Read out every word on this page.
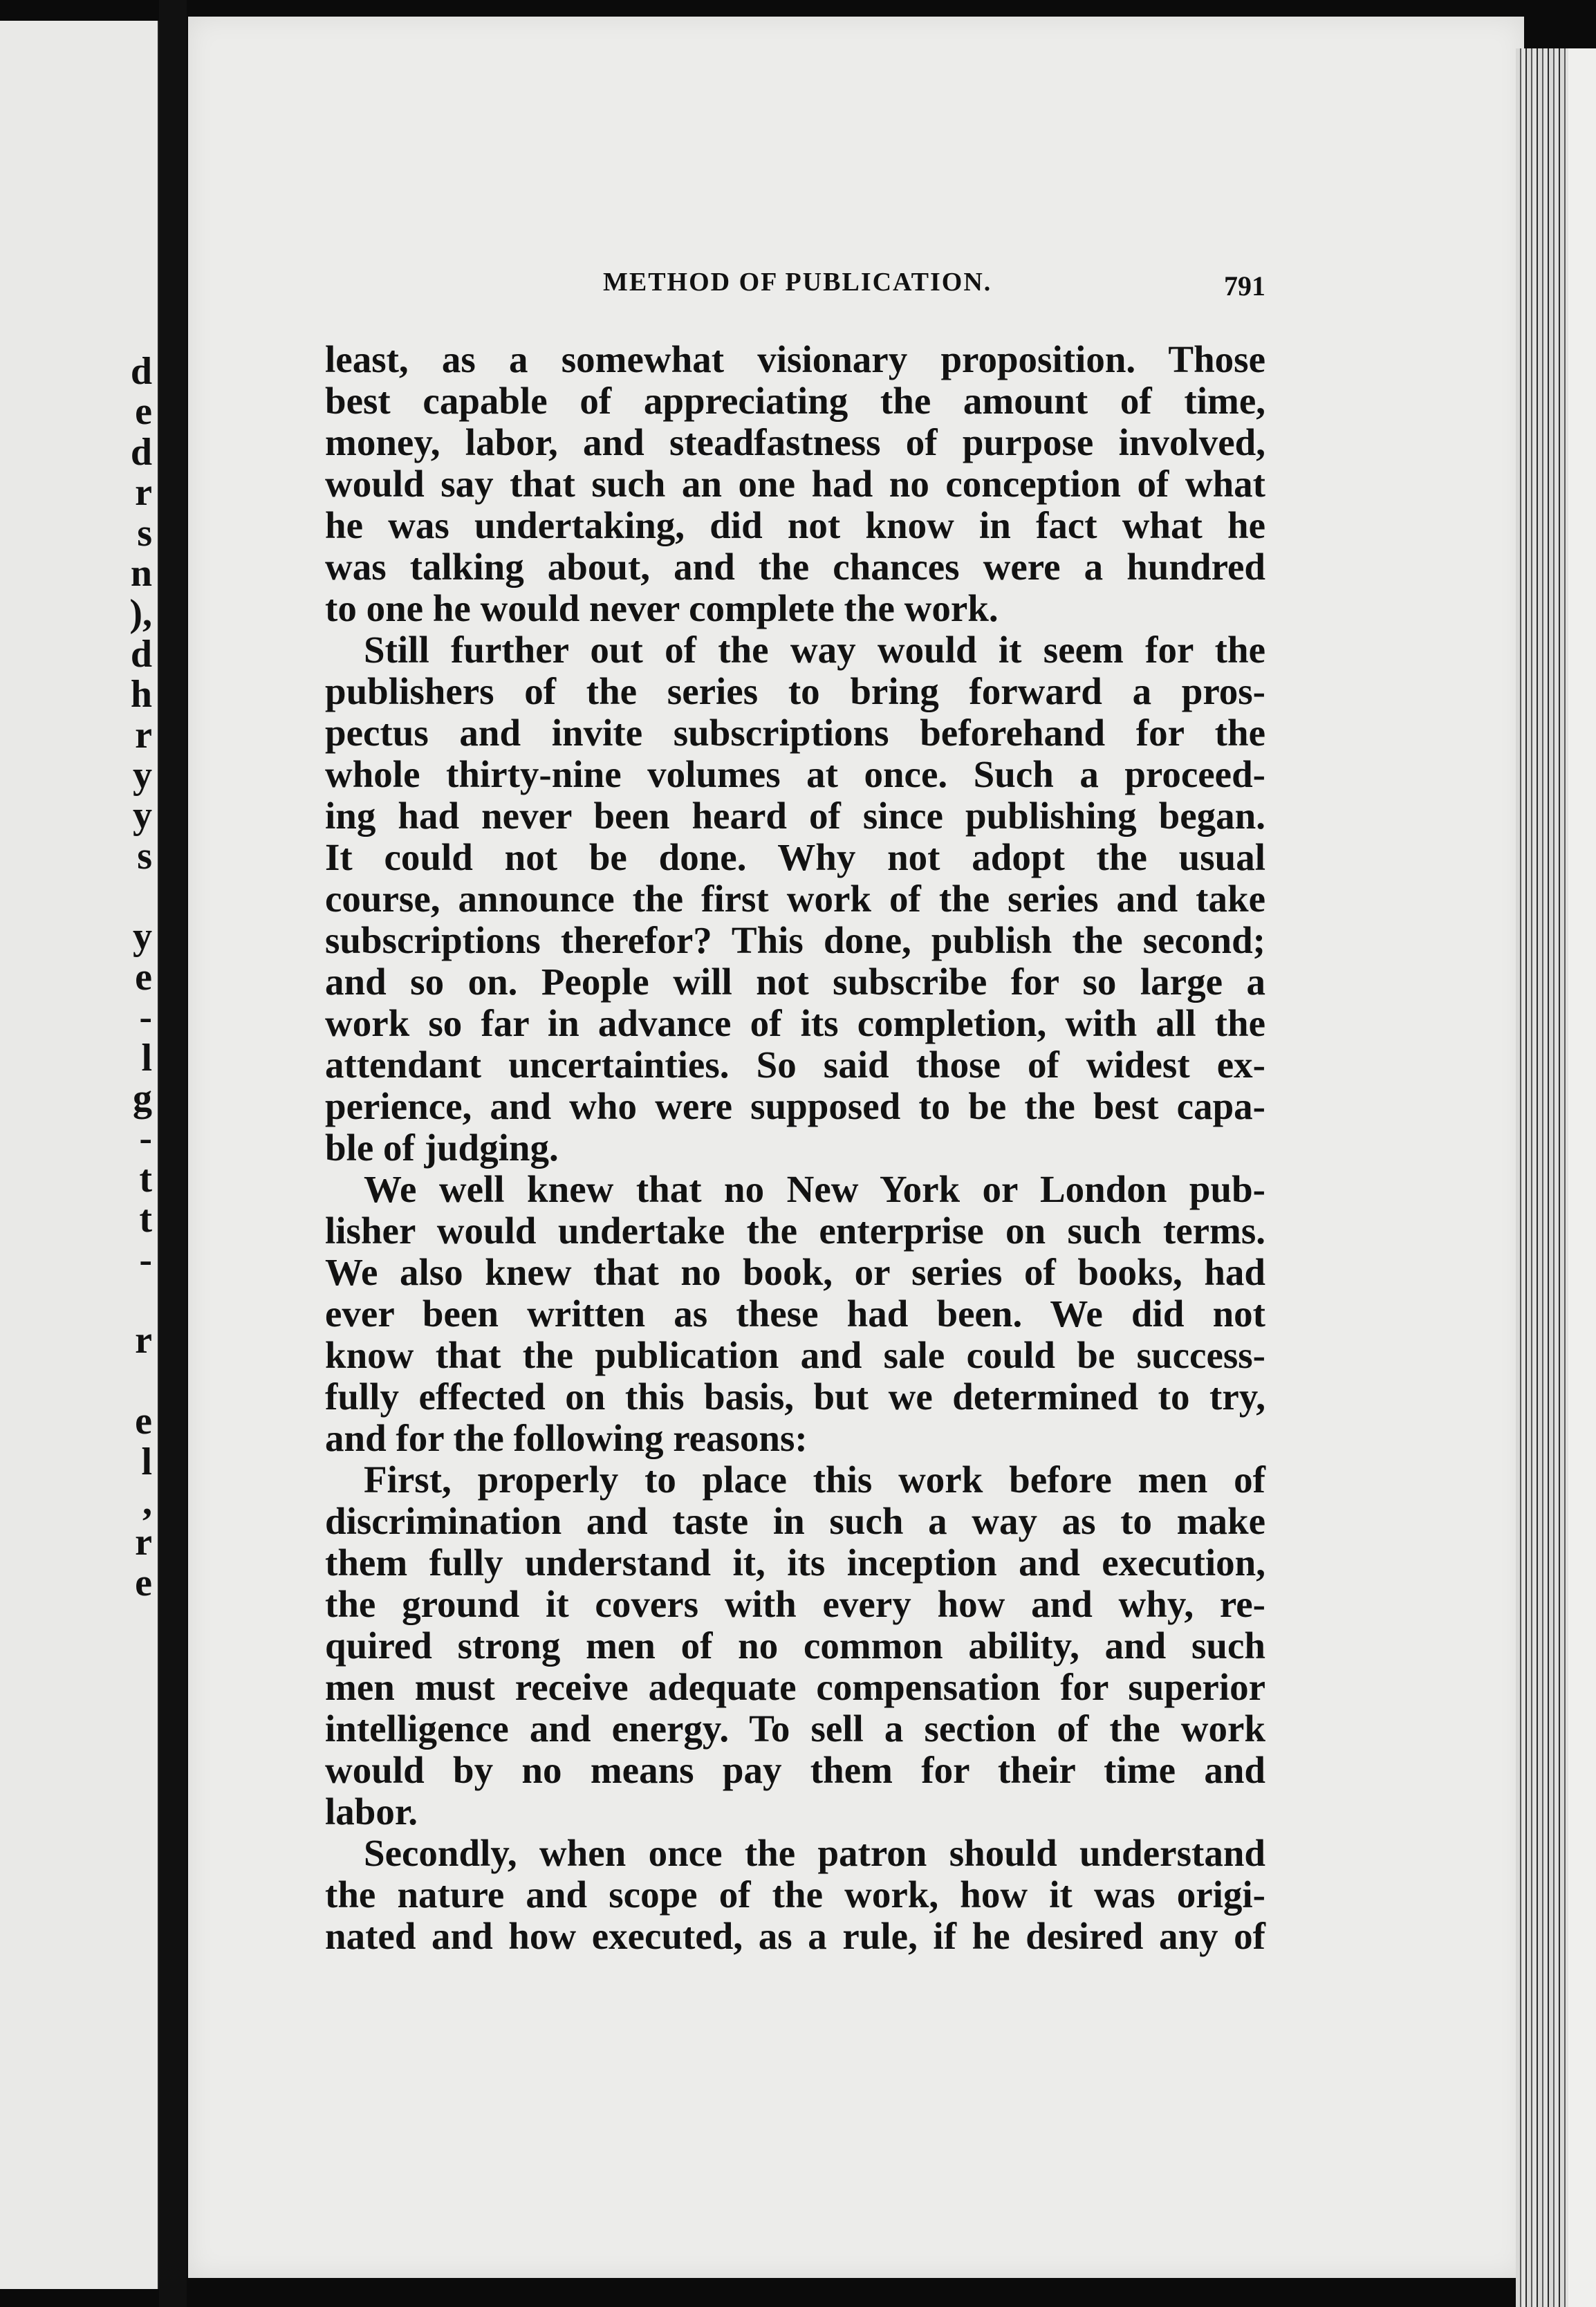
d
e
d
r
s
n
),
d
h
r
y
y
s
y
e
-
l
g
-
t
t
-
r
e
l
,
r
e
METHOD OF PUBLICATION.	791
least, as a somewhat visionary proposition. Those
best capable of appreciating the amount of time,
money, labor, and steadfastness of purpose involved,
would say that such an one had no conception of what
he was undertaking, did not know in fact what he
was talking about, and the chances were a hundred
to one he would never complete the work.
Still further out of the way would it seem for the
publishers of the series to bring forward a pros-
pectus and invite subscriptions beforehand for the
whole thirty-nine volumes at once. Such a proceed-
ing had never been heard of since publishing began.
It could not be done. Why not adopt the usual
course, announce the first work of the series and take
subscriptions therefor? This done, publish the second;
and so on. People will not subscribe for so large a
work so far in advance of its completion, with all the
attendant uncertainties. So said those of widest ex-
perience, and who were supposed to be the best capa-
ble of judging.
We well knew that no New York or London pub-
lisher would undertake the enterprise on such terms.
We also knew that no book, or series of books, had
ever been written as these had been. We did not
know that the publication and sale could be success-
fully effected on this basis, but we determined to try,
and for the following reasons:
First, properly to place this work before men of
discrimination and taste in such a way as to make
them fully understand it, its inception and execution,
the ground it covers with every how and why, re-
quired strong men of no common ability, and such
men must receive adequate compensation for superior
intelligence and energy. To sell a section of the work
would by no means pay them for their time and
labor.
Secondly, when once the patron should understand
the nature and scope of the work, how it was origi-
nated and how executed, as a rule, if he desired any of
